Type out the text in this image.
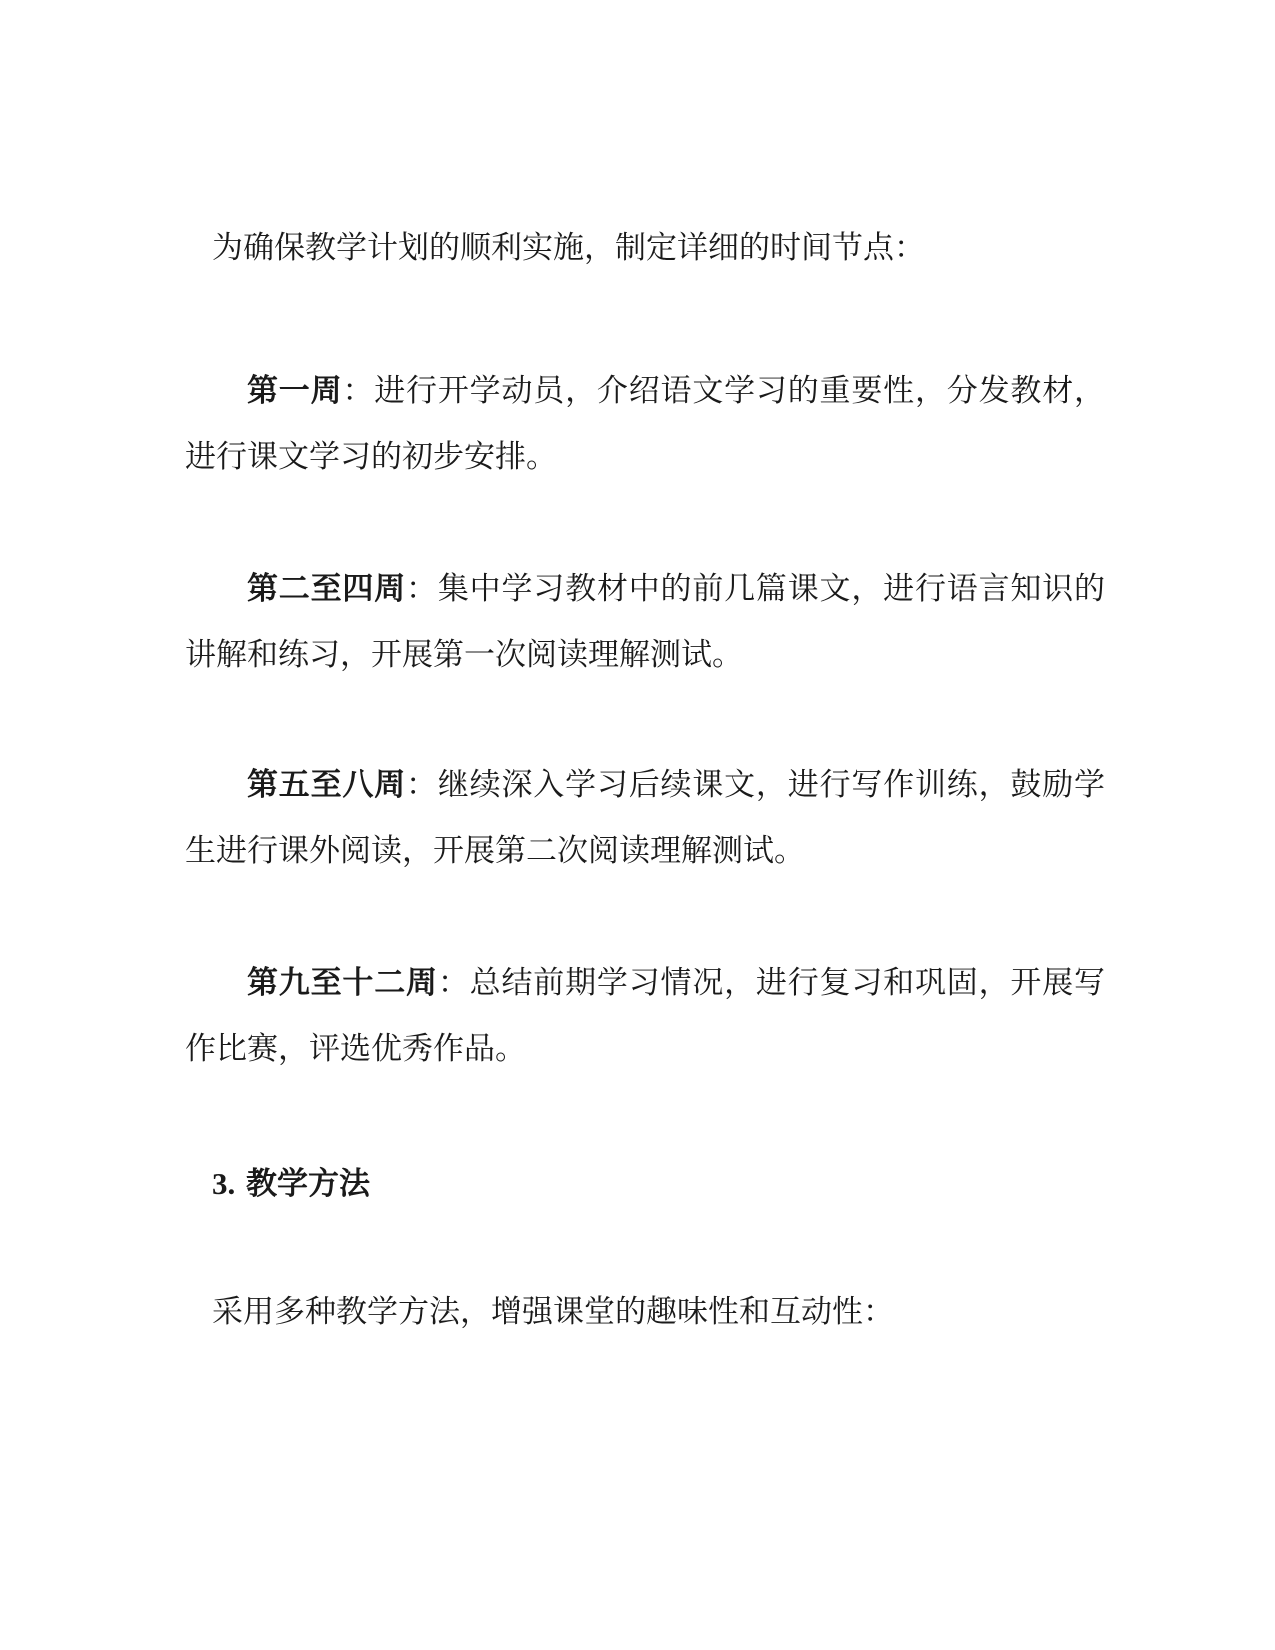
为确保教学计划的顺利实施，制定详细的时间节点：

第一周：进行开学动员，介绍语文学习的重要性，分发教材，进行课文学习的初步安排。

第二至四周：集中学习教材中的前几篇课文，进行语言知识的讲解和练习，开展第一次阅读理解测试。

第五至八周：继续深入学习后续课文，进行写作训练，鼓励学生进行课外阅读，开展第二次阅读理解测试。

第九至十二周：总结前期学习情况，进行复习和巩固，开展写作比赛，评选优秀作品。

3. 教学方法

采用多种教学方法，增强课堂的趣味性和互动性：
